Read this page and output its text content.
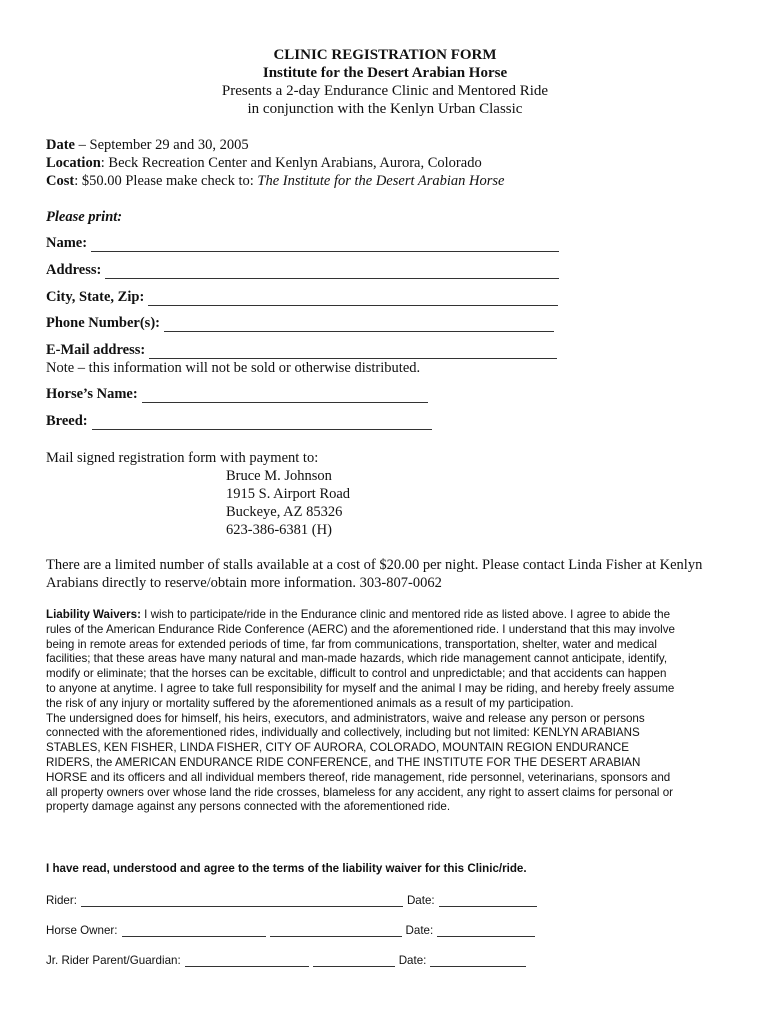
CLINIC REGISTRATION FORM
Institute for the Desert Arabian Horse
Presents a 2-day Endurance Clinic and Mentored Ride
in conjunction with the Kenlyn Urban Classic
Date – September 29 and 30, 2005
Location: Beck Recreation Center and Kenlyn Arabians, Aurora, Colorado
Cost: $50.00 Please make check to: The Institute for the Desert Arabian Horse
Please print:
Name:
Address:
City, State, Zip:
Phone Number(s):
E-Mail address:
Note – this information will not be sold or otherwise distributed.
Horse’s Name:
Breed:
Mail signed registration form with payment to:
Bruce M. Johnson
1915 S. Airport Road
Buckeye, AZ 85326
623-386-6381 (H)
There are a limited number of stalls available at a cost of $20.00 per night. Please contact Linda Fisher at Kenlyn Arabians directly to reserve/obtain more information. 303-807-0062

Liability Waivers: I wish to participate/ride in the Endurance clinic and mentored ride as listed above. I agree to abide the rules of the American Endurance Ride Conference (AERC) and the aforementioned ride. I understand that this may involve being in remote areas for extended periods of time, far from communications, transportation, shelter, water and medical facilities; that these areas have many natural and man-made hazards, which ride management cannot anticipate, identify, modify or eliminate; that the horses can be excitable, difficult to control and unpredictable; and that accidents can happen to anyone at anytime. I agree to take full responsibility for myself and the animal I may be riding, and hereby freely assume the risk of any injury or mortality suffered by the aforementioned animals as a result of my participation.

The undersigned does for himself, his heirs, executors, and administrators, waive and release any person or persons connected with the aforementioned rides, individually and collectively, including but not limited: KENLYN ARABIANS STABLES, KEN FISHER, LINDA FISHER, CITY OF AURORA, COLORADO, MOUNTAIN REGION ENDURANCE RIDERS, the AMERICAN ENDURANCE RIDE CONFERENCE, and THE INSTITUTE FOR THE DESERT ARABIAN HORSE and its officers and all individual members thereof, ride management, ride personnel, veterinarians, sponsors and all property owners over whose land the ride crosses, blameless for any accident, any right to assert claims for personal or property damage against any persons connected with the aforementioned ride.

I have read, understood and agree to the terms of the liability waiver for this Clinic/ride.
Rider:	Date:
Horse Owner:	Date:
Jr. Rider Parent/Guardian:	Date:
